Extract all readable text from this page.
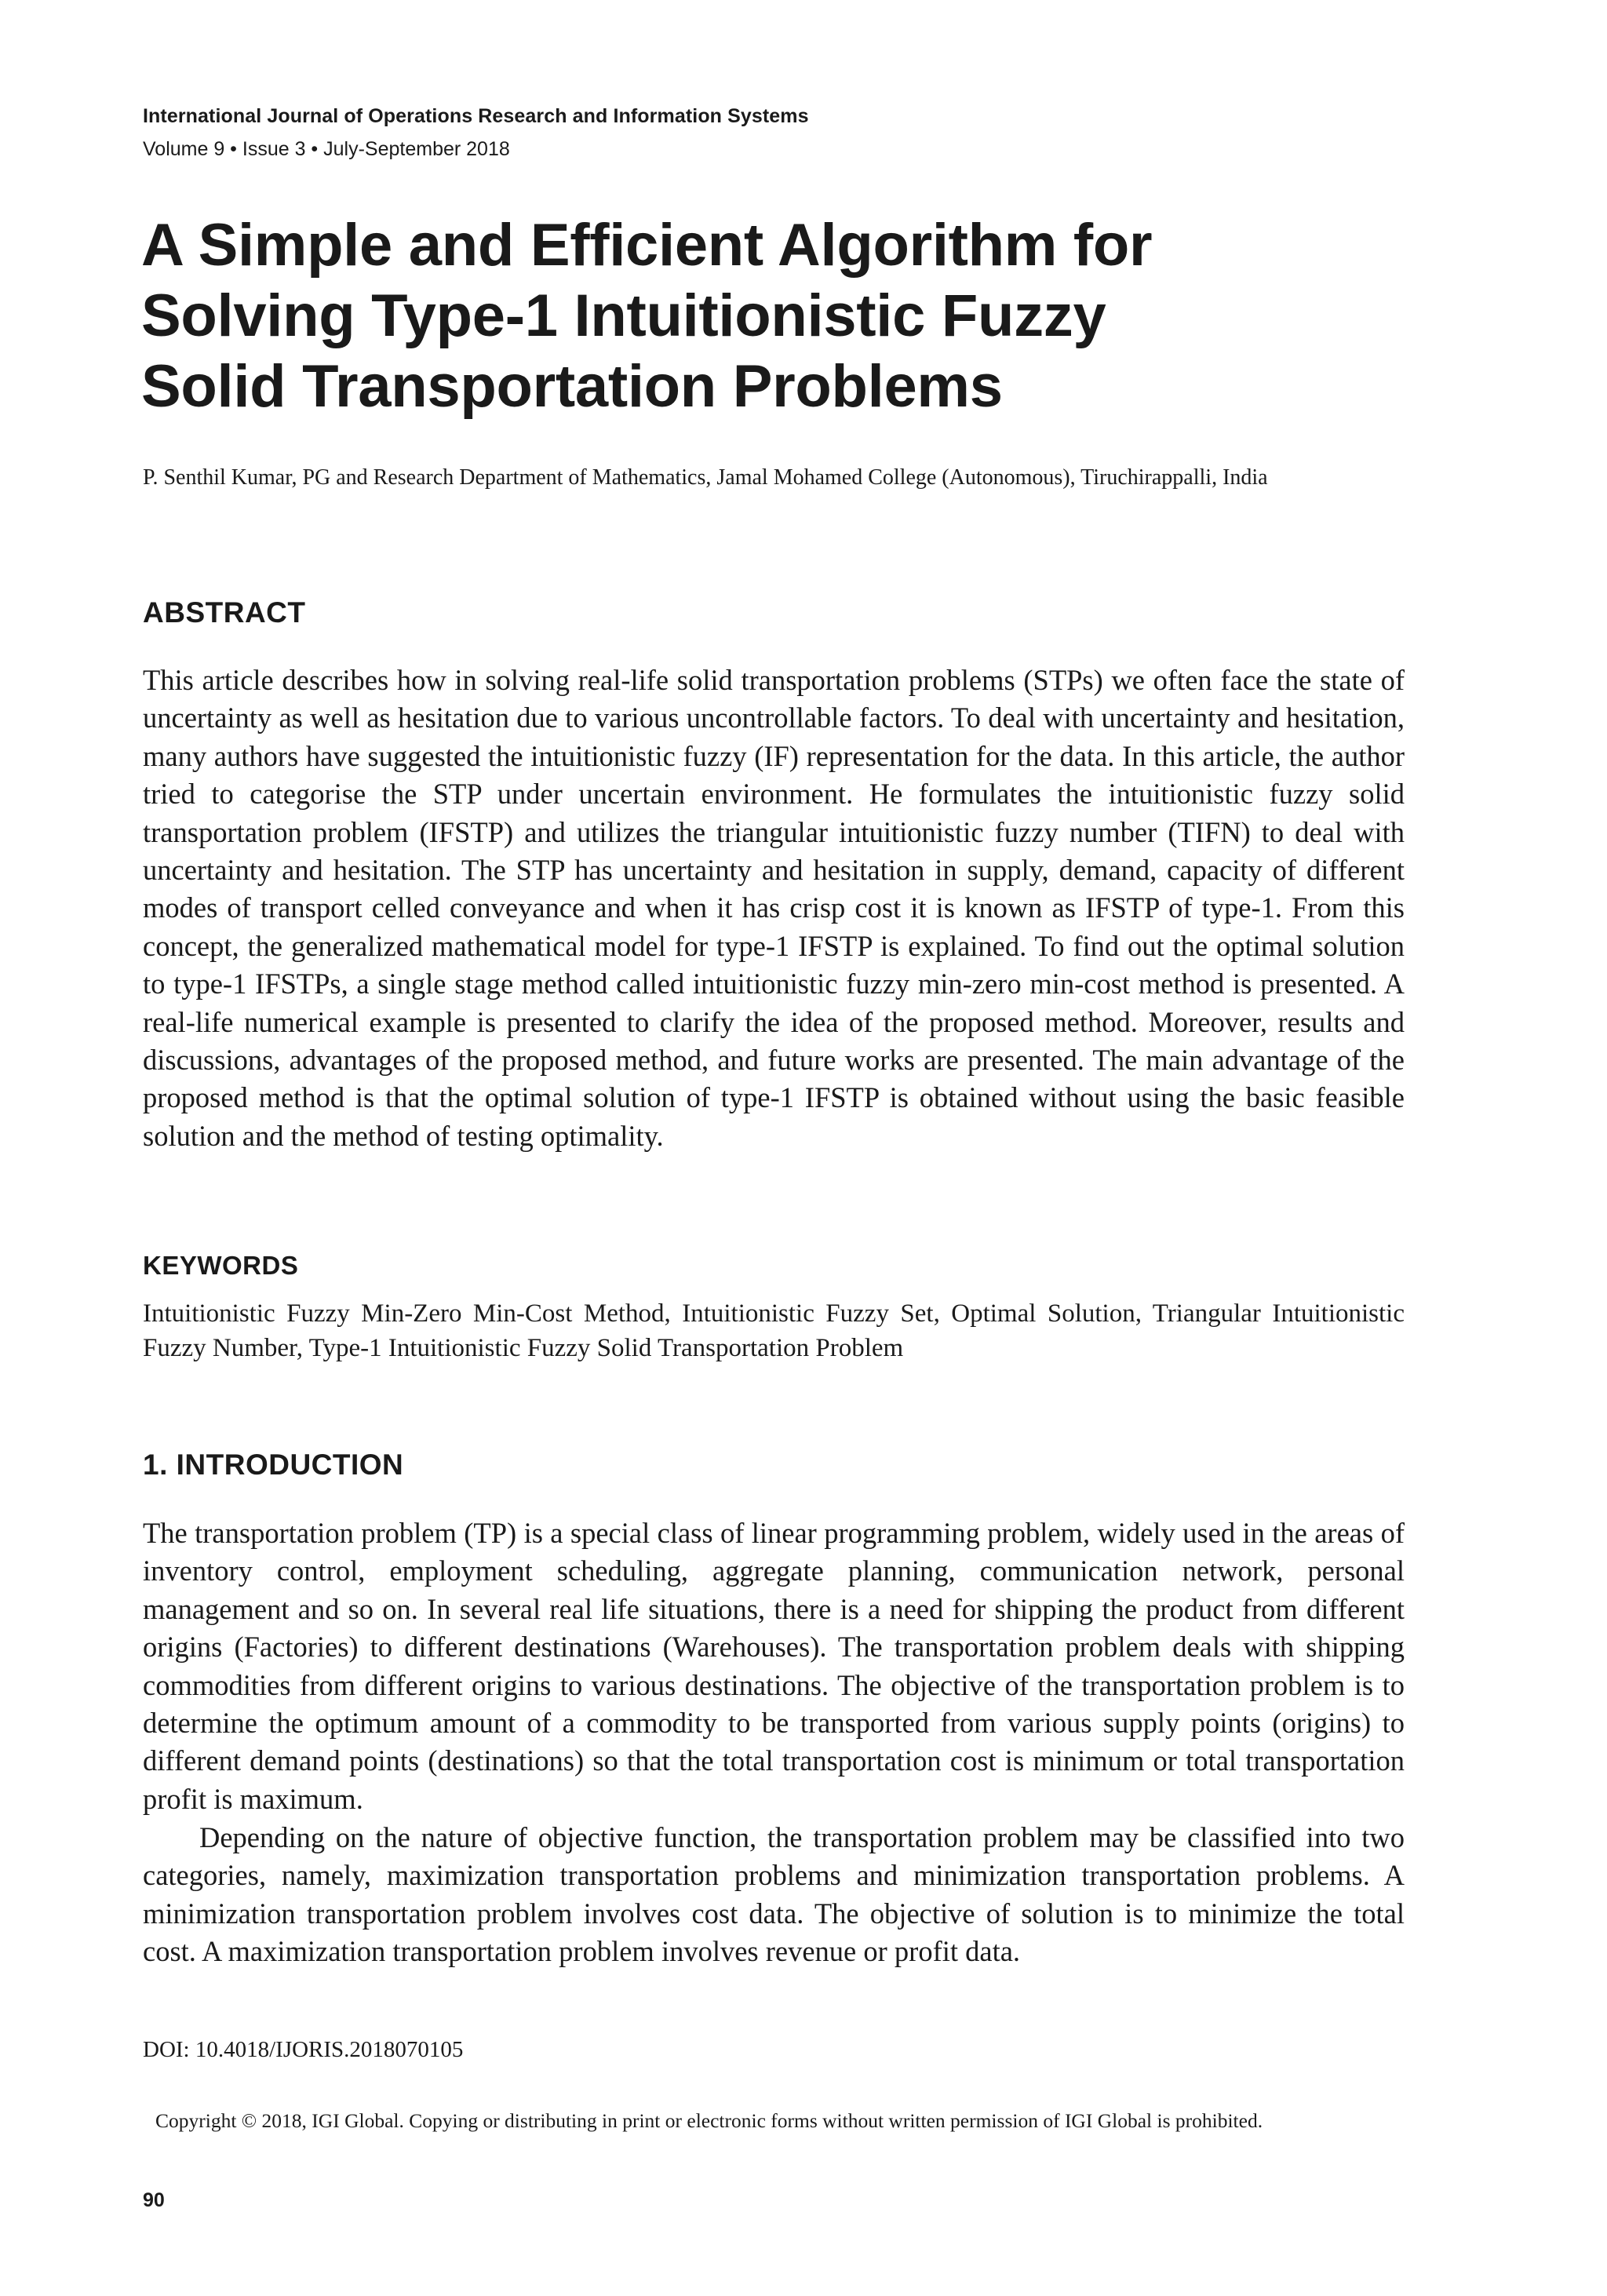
International Journal of Operations Research and Information Systems
Volume 9 • Issue 3 • July-September 2018
A Simple and Efficient Algorithm for
Solving Type-1 Intuitionistic Fuzzy
Solid Transportation Problems
P. Senthil Kumar, PG and Research Department of Mathematics, Jamal Mohamed College (Autonomous), Tiruchirappalli, India
ABSTRACT

This article describes how in solving real-life solid transportation problems (STPs) we often face the state of uncertainty as well as hesitation due to various uncontrollable factors. To deal with uncertainty and hesitation, many authors have suggested the intuitionistic fuzzy (IF) representation for the data. In this article, the author tried to categorise the STP under uncertain environment. He formulates the intuitionistic fuzzy solid transportation problem (IFSTP) and utilizes the triangular intuitionistic fuzzy number (TIFN) to deal with uncertainty and hesitation. The STP has uncertainty and hesitation in supply, demand, capacity of different modes of transport celled conveyance and when it has crisp cost it is known as IFSTP of type-1. From this concept, the generalized mathematical model for type-1 IFSTP is explained. To find out the optimal solution to type-1 IFSTPs, a single stage method called intuitionistic fuzzy min-zero min-cost method is presented. A real-life numerical example is presented to clarify the idea of the proposed method. Moreover, results and discussions, advantages of the proposed method, and future works are presented. The main advantage of the proposed method is that the optimal solution of type-1 IFSTP is obtained without using the basic feasible solution and the method of testing optimality.

KEYWORDS

Intuitionistic Fuzzy Min-Zero Min-Cost Method, Intuitionistic Fuzzy Set, Optimal Solution, Triangular Intuitionistic Fuzzy Number, Type-1 Intuitionistic Fuzzy Solid Transportation Problem

1. INTRODUCTION

The transportation problem (TP) is a special class of linear programming problem, widely used in the areas of inventory control, employment scheduling, aggregate planning, communication network, personal management and so on. In several real life situations, there is a need for shipping the product from different origins (Factories) to different destinations (Warehouses). The transportation problem deals with shipping commodities from different origins to various destinations. The objective of the transportation problem is to determine the optimum amount of a commodity to be transported from various supply points (origins) to different demand points (destinations) so that the total transportation cost is minimum or total transportation profit is maximum.

Depending on the nature of objective function, the transportation problem may be classified into two categories, namely, maximization transportation problems and minimization transportation problems. A minimization transportation problem involves cost data. The objective of solution is to minimize the total cost. A maximization transportation problem involves revenue or profit data.

DOI: 10.4018/IJORIS.2018070105
Copyright © 2018, IGI Global. Copying or distributing in print or electronic forms without written permission of IGI Global is prohibited.
90
